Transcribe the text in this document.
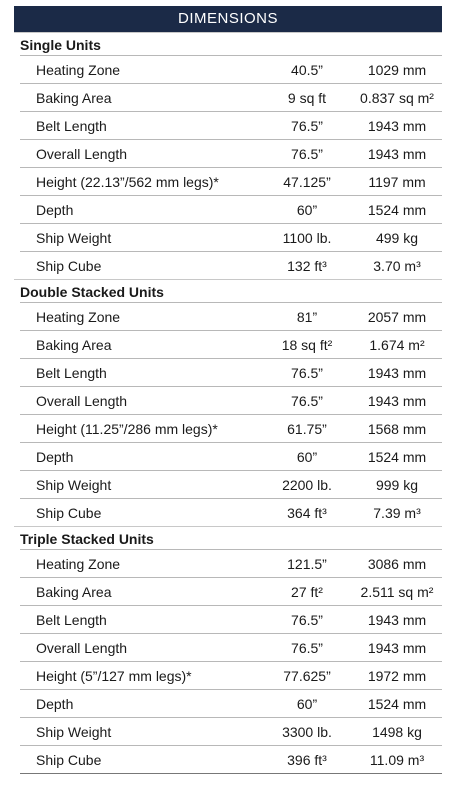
DIMENSIONS
Single Units
Heating Zone	40.5”	1029 mm
Baking Area	9 sq ft	0.837 sq m²
Belt Length	76.5”	1943 mm
Overall Length	76.5”	1943 mm
Height (22.13”/562 mm legs)*	47.125”	1197 mm
Depth	60”	1524 mm
Ship Weight	1100 lb.	499 kg
Ship Cube	132 ft³	3.70 m³
Double Stacked Units
Heating Zone	81”	2057 mm
Baking Area	18 sq ft²	1.674 m²
Belt Length	76.5”	1943 mm
Overall Length	76.5”	1943 mm
Height (11.25”/286 mm legs)*	61.75”	1568 mm
Depth	60”	1524 mm
Ship Weight	2200 lb.	999 kg
Ship Cube	364 ft³	7.39 m³
Triple Stacked Units
Heating Zone	121.5”	3086 mm
Baking Area	27 ft²	2.511 sq m²
Belt Length	76.5”	1943 mm
Overall Length	76.5”	1943 mm
Height (5”/127 mm legs)*	77.625”	1972 mm
Depth	60”	1524 mm
Ship Weight	3300 lb.	1498 kg
Ship Cube	396 ft³	11.09 m³
